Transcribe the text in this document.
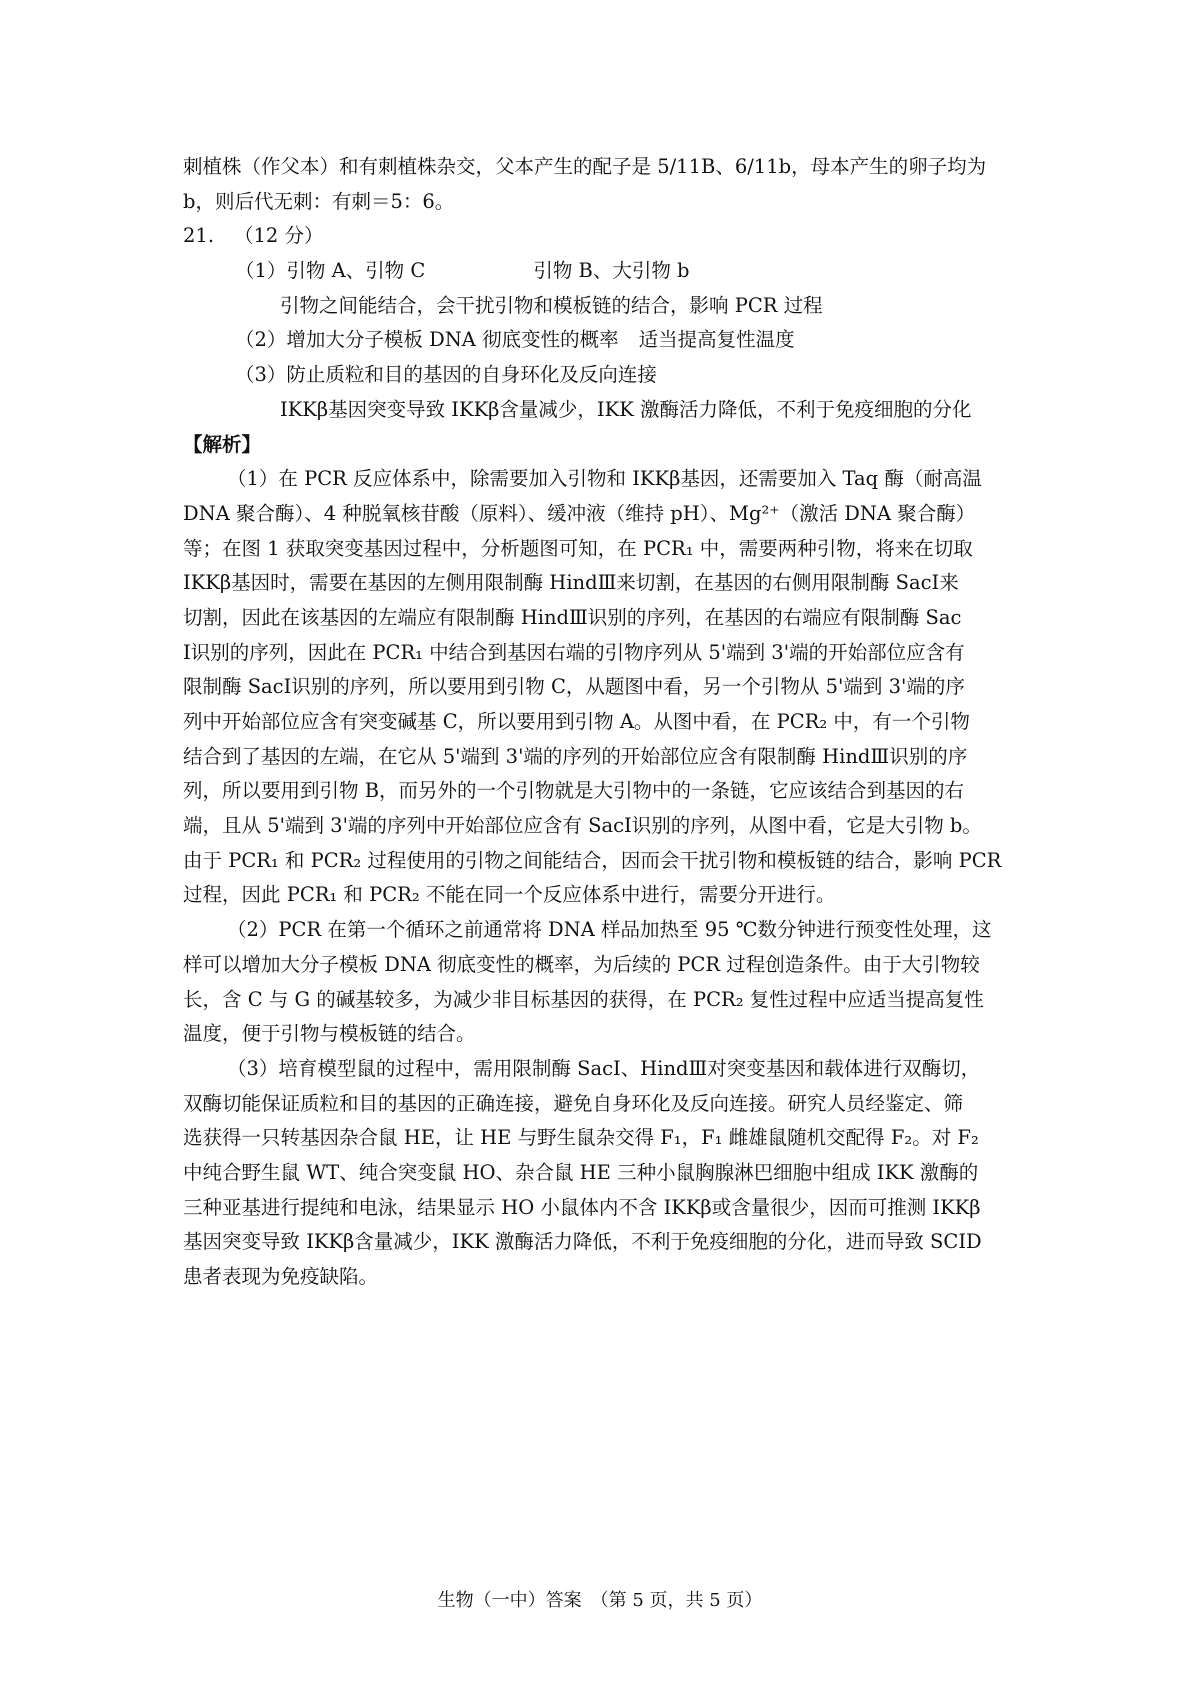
刺植株（作父本）和有刺植株杂交，父本产生的配子是 5/11B、6/11b，母本产生的卵子均为
b，则后代无刺：有刺＝5：6。
21. （12 分）
（1）引物 A、引物 C	引物 B、大引物 b
引物之间能结合，会干扰引物和模板链的结合，影响 PCR 过程
（2）增加大分子模板 DNA 彻底变性的概率 适当提高复性温度
（3）防止质粒和目的基因的自身环化及反向连接
IKKβ基因突变导致 IKKβ含量减少，IKK 激酶活力降低，不利于免疫细胞的分化
【解析】
（1）在 PCR 反应体系中，除需要加入引物和 IKKβ基因，还需要加入 Taq 酶（耐高温
DNA 聚合酶）、4 种脱氧核苷酸（原料）、缓冲液（维持 pH）、Mg²⁺（激活 DNA 聚合酶）
等；在图 1 获取突变基因过程中，分析题图可知，在 PCR₁ 中，需要两种引物，将来在切取
IKKβ基因时，需要在基因的左侧用限制酶 HindⅢ来切割，在基因的右侧用限制酶 SacⅠ来
切割，因此在该基因的左端应有限制酶 HindⅢ识别的序列，在基因的右端应有限制酶 Sac
Ⅰ识别的序列，因此在 PCR₁ 中结合到基因右端的引物序列从 5'端到 3'端的开始部位应含有
限制酶 SacⅠ识别的序列，所以要用到引物 C，从题图中看，另一个引物从 5'端到 3'端的序
列中开始部位应含有突变碱基 C，所以要用到引物 A。从图中看，在 PCR₂ 中，有一个引物
结合到了基因的左端，在它从 5'端到 3'端的序列的开始部位应含有限制酶 HindⅢ识别的序
列，所以要用到引物 B，而另外的一个引物就是大引物中的一条链，它应该结合到基因的右
端，且从 5'端到 3'端的序列中开始部位应含有 SacⅠ识别的序列，从图中看，它是大引物 b。
由于 PCR₁ 和 PCR₂ 过程使用的引物之间能结合，因而会干扰引物和模板链的结合，影响 PCR
过程，因此 PCR₁ 和 PCR₂ 不能在同一个反应体系中进行，需要分开进行。
（2）PCR 在第一个循环之前通常将 DNA 样品加热至 95 ℃数分钟进行预变性处理，这
样可以增加大分子模板 DNA 彻底变性的概率，为后续的 PCR 过程创造条件。由于大引物较
长，含 C 与 G 的碱基较多，为减少非目标基因的获得，在 PCR₂ 复性过程中应适当提高复性
温度，便于引物与模板链的结合。
（3）培育模型鼠的过程中，需用限制酶 SacⅠ、HindⅢ对突变基因和载体进行双酶切，
双酶切能保证质粒和目的基因的正确连接，避免自身环化及反向连接。研究人员经鉴定、筛
选获得一只转基因杂合鼠 HE，让 HE 与野生鼠杂交得 F₁，F₁ 雌雄鼠随机交配得 F₂。对 F₂
中纯合野生鼠 WT、纯合突变鼠 HO、杂合鼠 HE 三种小鼠胸腺淋巴细胞中组成 IKK 激酶的
三种亚基进行提纯和电泳，结果显示 HO 小鼠体内不含 IKKβ或含量很少，因而可推测 IKKβ
基因突变导致 IKKβ含量减少，IKK 激酶活力降低，不利于免疫细胞的分化，进而导致 SCID
患者表现为免疫缺陷。
生物（一中）答案　（第 5 页，共 5 页）
